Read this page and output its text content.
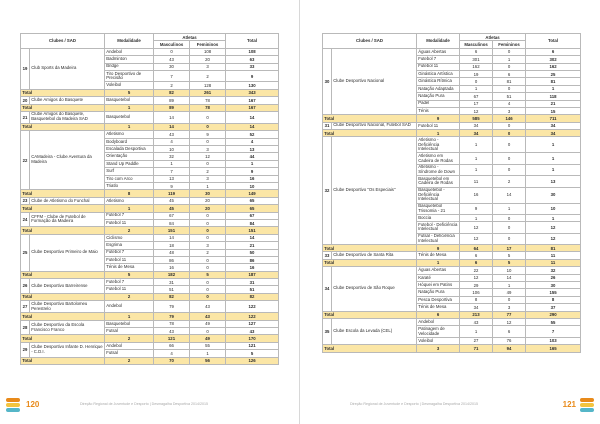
Clubes / SAD		Modalidade	Atletas		Total
			Masculinos	Femininos	
19	Club Sports da Madeira	Andebol	0	108	108
		Badminton	43	20	63
		Bridge	30	3	33
		Tiro Desportivo de Precisão	7	2	9
		Voleibol	2	128	130
Total		5	82	261	343
20	Clube Amigos do Basquete	Basquetebol	89	78	167
Total		1	89	78	167
21	Clube Amigos do Basquete, Basquetebol da Madeira SAD	Basquetebol	14	0	14
Total		1	14	0	14
22	CAMadeira - Clube Aventura da Madeira	Atletismo	43	9	52
		Bodyboard	4	0	4
		Escalada Desportiva	10	3	13
		Orientação	32	12	44
		Stand Up Paddle	1	0	1
		Surf	7	2	9
		Tiro com Arco	13	3	16
		Triatlo	9	1	10
Total		8	119	30	149
23	Clube de Atletismo do Funchal	Atletismo	45	20	65
Total		1	45	20	65
24	CFFM - Clube de Futebol de Formação da Madeira	Futebol 7	67	0	67
		Futebol 11	84	0	84
Total		2	151	0	151
25	Clube Desportivo Primeiro de Maio	Ciclismo	14	0	14
		Esgrima	18	3	21
		Futebol 7	48	2	50
		Futebol 11	86	0	86
		Ténis de Mesa	16	0	16
Total		5	182	5	187
26	Clube Desportivo Barreirense	Futebol 7	31	0	31
		Futebol 11	51	0	51
Total		2	82	0	82
27	Clube Desportivo Bartolomeu Perestrelo	Andebol	79	43	122
Total		1	79	43	122
28	Clube Desportivo da Escola Francisco Franco	Basquetebol	78	49	127
		Futsal	43	0	43
Total		2	121	49	170
29	Clube Desportivo Infante D. Henrique - C.D.I.	Andebol	66	55	121
		Futsal	4	1	5
Total		2	70	56	126
120	Direção Regional de Juventude e Desporto | Desmagalha Desportiva 2014/2015
Clubes / SAD		Modalidade	Atletas		Total
			Masculinos	Femininos	
30	Clube Desportivo Nacional	Águas Abertas	6	0	6
		Futebol 7	301	1	302
		Futebol 11	162	0	162
		Ginástica Artística	19	6	25
		Ginástica Rítmica	0	81	81
		Natação Adaptada	1	0	1
		Natação Pura	67	51	118
		Padel	17	4	21
		Ténis	12	3	15
Total		9	585	146	711
31	Clube Desportivo Nacional, Futebol SAD	Futebol 11	34	0	34
Total		1	34	0	34
32	Clube Desportivo "Os Especiais"	Atletismo - Deficiência Intelectual	1	0	1
		Atletismo em Cadeira de Rodas	1	0	1
		Atletismo - Síndrome de Down	1	0	1
		Basquetebol em Cadeira de Rodas	11	2	13
		Basquetebol - Deficiência Intelectual	16	14	30
		Basquetebol Trissomia - 21	9	1	10
		Boccia	1	0	1
		Futebol - Deficiência Intelectual	12	0	12
		Futsal - Deficiência Intelectual	12	0	12
Total		9	64	17	81
33	Clube Desportivo de Santa Rita	Ténis de Mesa	6	5	11
Total		1	6	5	11
34	Clube Desportivo de São Roque	Águas Abertas	22	10	32
		Karaté	12	14	26
		Hóquei em Patins	29	1	30
		Natação Pura	106	49	155
		Pesca Desportiva	8	0	8
		Ténis de Mesa	34	3	37
Total		6	213	77	290
35	Clube Escola da Levada (CEL)	Andebol	43	12	55
		Patinagem de Velocidade	1	6	7
		Voleibol	27	76	103
Total		3	71	94	165
Direção Regional de Juventude e Desporto | Desmagalha Desportiva 2014/2015	121
